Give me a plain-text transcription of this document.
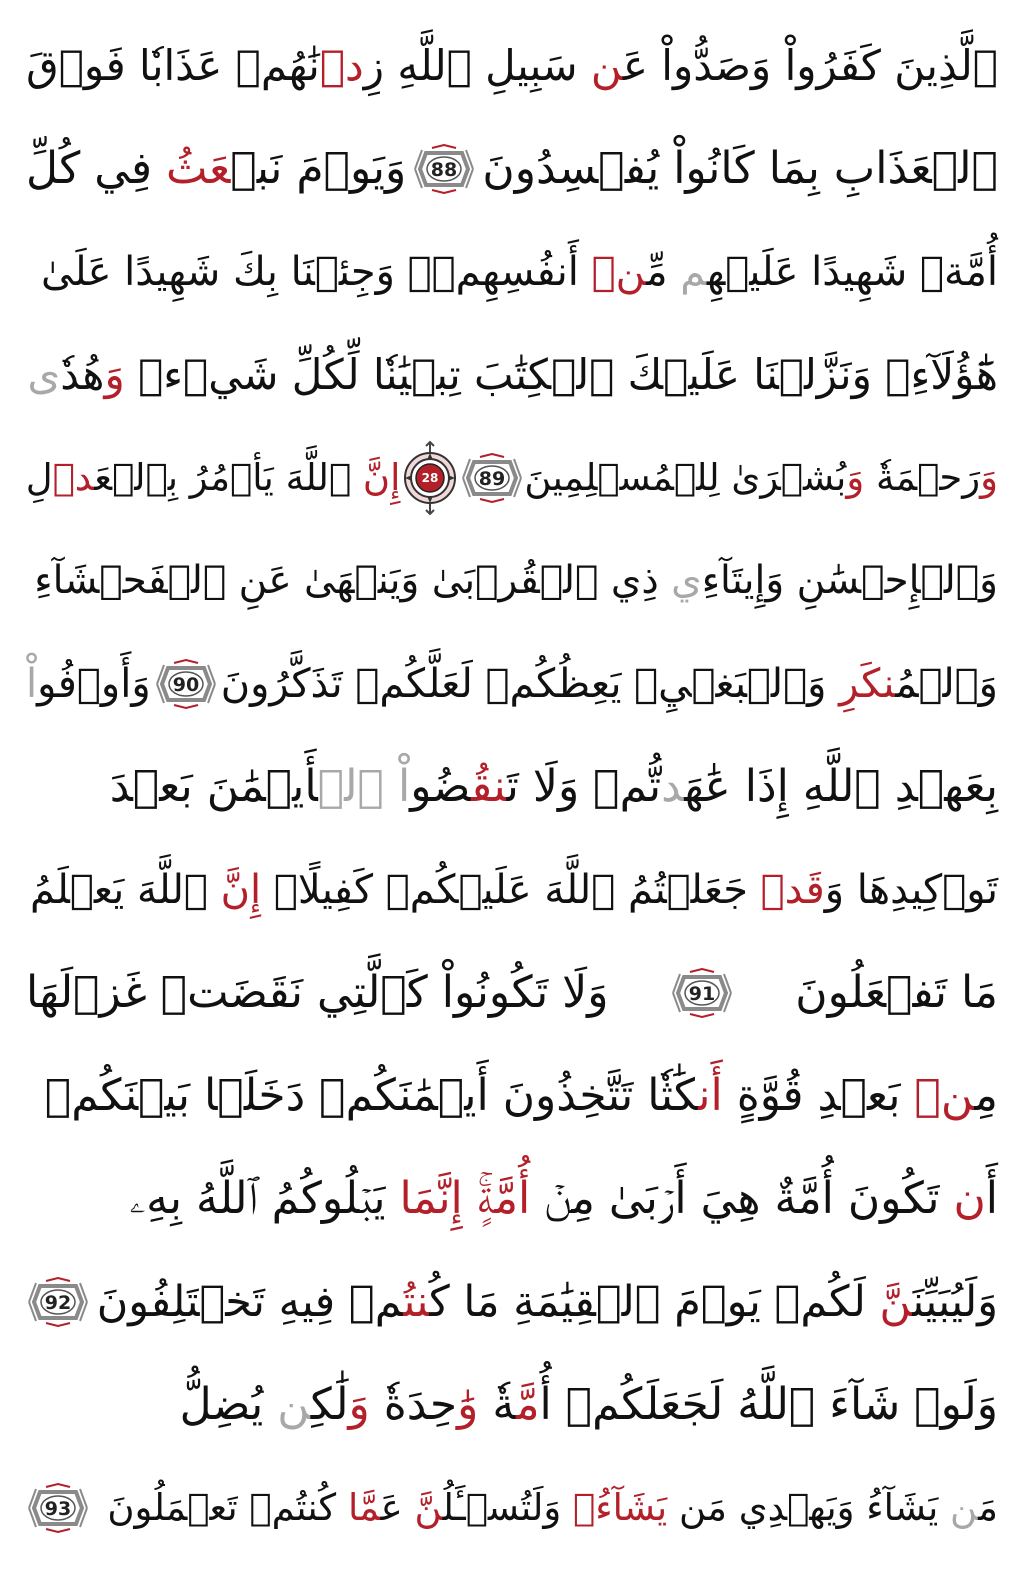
ٱلَّذِينَ كَفَرُواْ وَصَدُّواْ عَن سَبِيلِ ٱللَّهِ زِدۡنَٰهُمۡ عَذَابٗا فَوۡقَ
ٱلۡعَذَابِ بِمَا كَانُواْ يُفۡسِدُونَ
88
وَيَوۡمَ نَبۡعَثُ فِي كُلِّ
أُمَّةٖ شَهِيدًا عَلَيۡهِم مِّنۡ أَنفُسِهِمۡۖ وَجِئۡنَا بِكَ شَهِيدًا عَلَىٰ
هَٰٓؤُلَآءِۚ وَنَزَّلۡنَا عَلَيۡكَ ٱلۡكِتَٰبَ تِبۡيَٰنٗا لِّكُلِّ شَيۡءٖ وَهُدٗى
وَرَحۡمَةٗ وَبُشۡرَىٰ لِلۡمُسۡلِمِينَ
89
28
إِنَّ ٱللَّهَ يَأۡمُرُ بِٱلۡعَدۡلِ
وَٱلۡإِحۡسَٰنِ وَإِيتَآءِي ذِي ٱلۡقُرۡبَىٰ وَيَنۡهَىٰ عَنِ ٱلۡفَحۡشَآءِ
وَٱلۡمُنكَرِ وَٱلۡبَغۡيِۚ يَعِظُكُمۡ لَعَلَّكُمۡ تَذَكَّرُونَ
90
وَأَوۡفُواْ
بِعَهۡدِ ٱللَّهِ إِذَا عَٰهَدتُّمۡ وَلَا تَنقُضُواْ ٱلۡأَيۡمَٰنَ بَعۡدَ
تَوۡكِيدِهَا وَقَدۡ جَعَلۡتُمُ ٱللَّهَ عَلَيۡكُمۡ كَفِيلًاۚ إِنَّ ٱللَّهَ يَعۡلَمُ
مَا تَفۡعَلُونَ
91
وَلَا تَكُونُواْ كَٱلَّتِي نَقَضَتۡ غَزۡلَهَا
مِنۢ بَعۡدِ قُوَّةٍ أَنكَٰثٗا تَتَّخِذُونَ أَيۡمَٰنَكُمۡ دَخَلَۢا بَيۡنَكُمۡ
أَن تَكُونَ أُمَّةٌ هِيَ أَرۡبَىٰ مِنۡ أُمَّةٍۚ إِنَّمَا يَبۡلُوكُمُ ٱللَّهُ بِهِۦ
وَلَيُبَيِّنَنَّ لَكُمۡ يَوۡمَ ٱلۡقِيَٰمَةِ مَا كُنتُمۡ فِيهِ تَخۡتَلِفُونَ
92
وَلَوۡ شَآءَ ٱللَّهُ لَجَعَلَكُمۡ أُمَّةٗ وَٰحِدَةٗ وَلَٰكِن يُضِلُّ
مَن يَشَآءُ وَيَهۡدِي مَن يَشَآءُۚ وَلَتُسۡـَٔلُنَّ عَمَّا كُنتُمۡ تَعۡمَلُونَ
93
